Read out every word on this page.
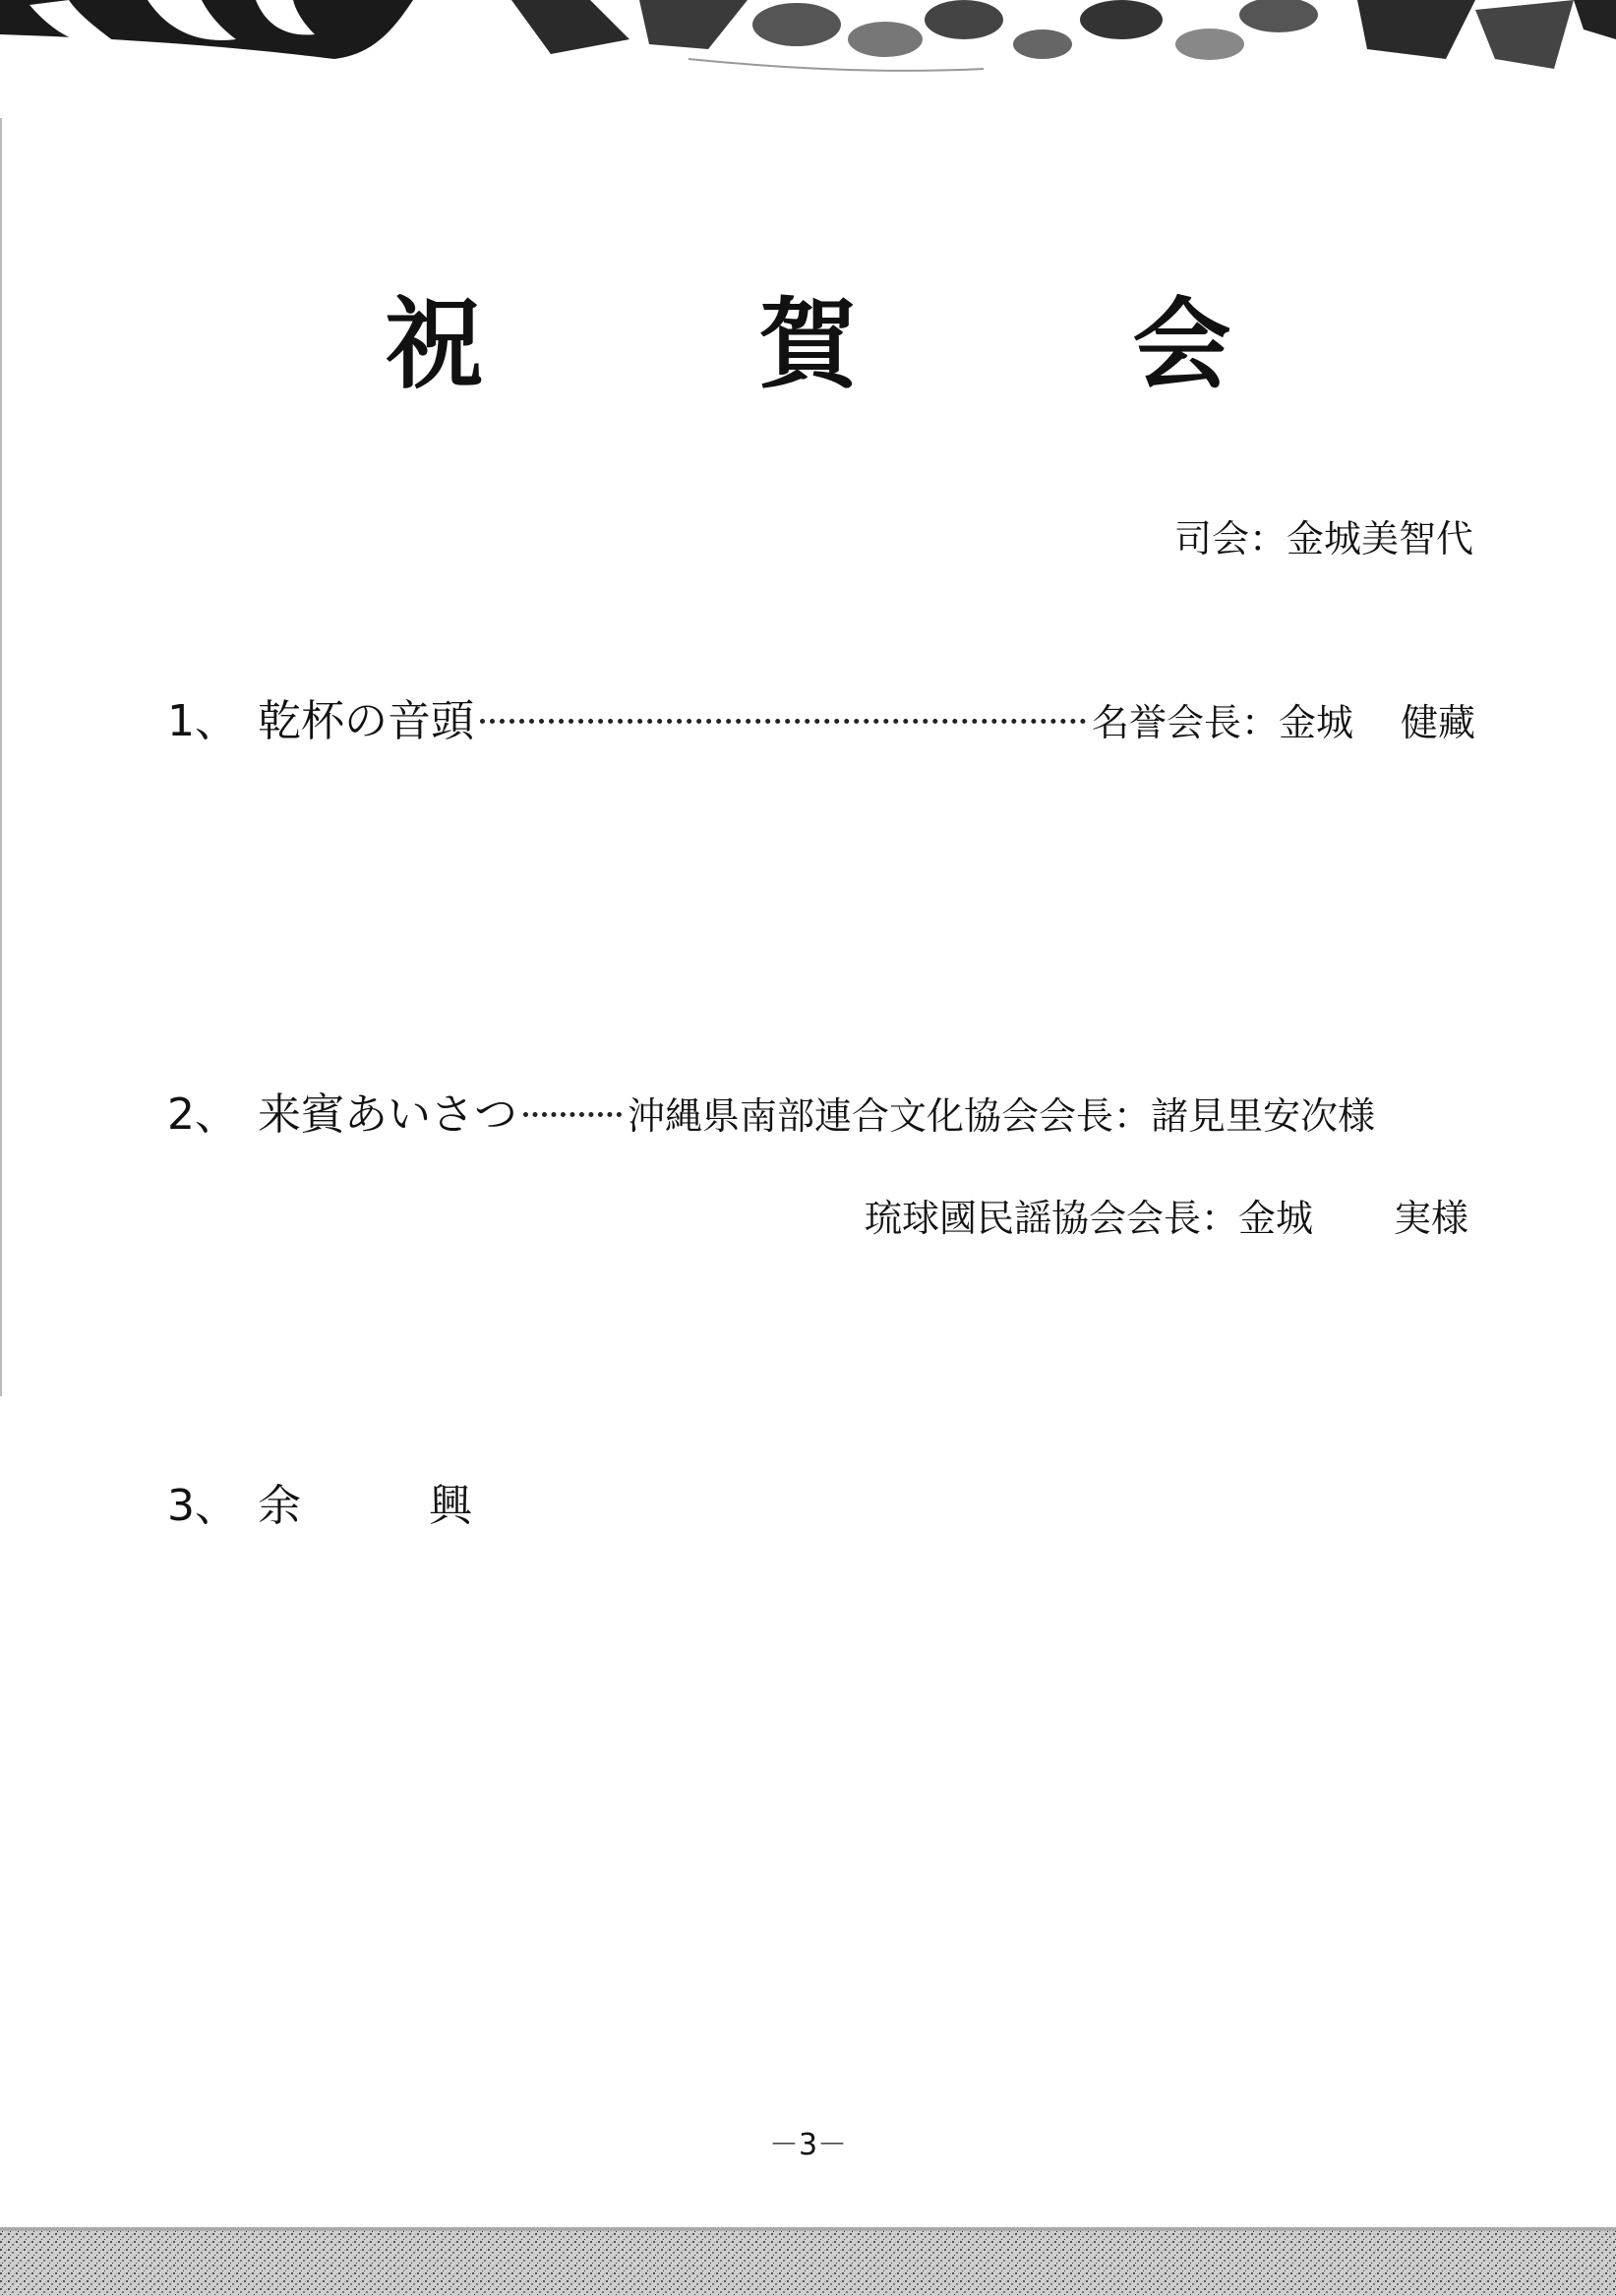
祝　賀　会
司会：金城美智代
1、 乾杯の音頭	名誉会長：金城 健藏
2、 来賓あいさつ	沖縄県南部連合文化協会会長：諸見里安次様
琉球國民謡協会会長：金城 実様
3、 余	興
－3－
